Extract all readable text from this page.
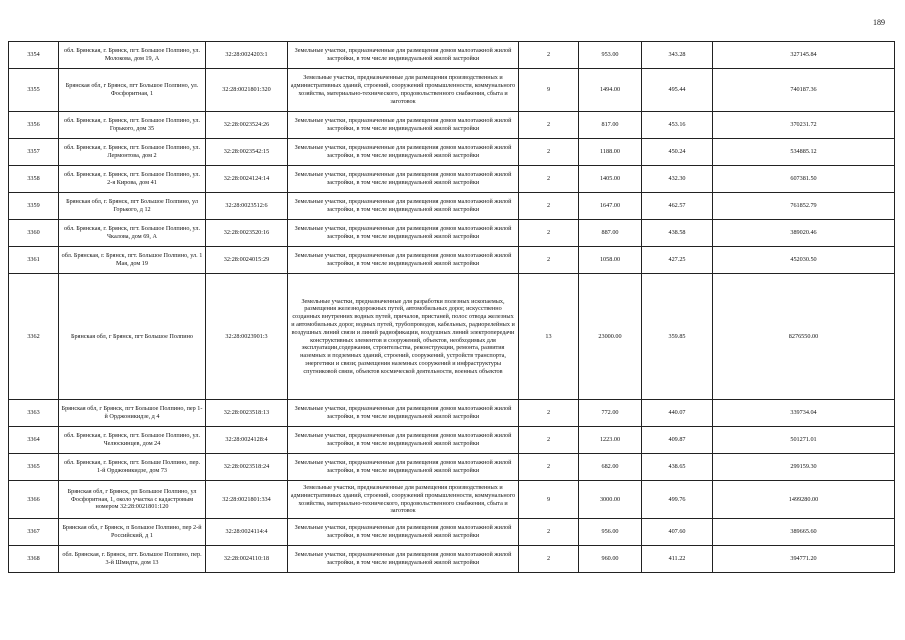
189
3354	обл. Брянская, г. Брянск, пгт. Большое Полпино, ул. Молокова, дом 19, А	32:28:0024203:1	Земельные участки, предназначенные для размещения домов малоэтажной жилой застройки, в том числе индивидуальной жилой застройки	2	953.00	343.28	327145.84
3355	Брянская обл, г Брянск, пгт Большое Полпино, ул. Фосфоритная, 1	32:28:0021801:320	Земельные участки, предназначенные для размещения производственных и административных зданий, строений, сооружений промышленности, коммунального хозяйства, материально-технического, продовольственного снабжения, сбыта и заготовок	9	1494.00	495.44	740187.36
3356	обл. Брянская, г. Брянск, пгт. Большое Полпино, ул. Горького, дом 35	32:28:0023524:26	Земельные участки, предназначенные для размещения домов малоэтажной жилой застройки, в том числе индивидуальной жилой застройки	2	817.00	453.16	370231.72
3357	обл. Брянская, г. Брянск, пгт. Большое Полпино, ул. Лермонтова, дом 2	32:28:0023542:15	Земельные участки, предназначенные для размещения домов малоэтажной жилой застройки, в том числе индивидуальной жилой застройки	2	1188.00	450.24	534885.12
3358	обл. Брянская, г. Брянск, пгт. Большое Полпино, ул. 2-я Кирова, дом 41	32:28:0024124:14	Земельные участки, предназначенные для размещения домов малоэтажной жилой застройки, в том числе индивидуальной жилой застройки	2	1405.00	432.30	607381.50
3359	Брянская обл, г. Брянск, пгт Большое Полпино, ул Горького, д 12	32:28:0023512:6	Земельные участки, предназначенные для размещения домов малоэтажной жилой застройки, в том числе индивидуальной жилой застройки	2	1647.00	462.57	761852.79
3360	обл. Брянская, г. Брянск, пгт. Большое Полпино, ул. Чкалова, дом 69, А	32:28:0023520:16	Земельные участки, предназначенные для размещения домов малоэтажной жилой застройки, в том числе индивидуальной жилой застройки	2	887.00	438.58	389020.46
3361	обл. Брянская, г. Брянск, пгт. Большое Полпино, ул. 1 Мая, дом 19	32:28:0024015:29	Земельные участки, предназначенные для размещения домов малоэтажной жилой застройки, в том числе индивидуальной жилой застройки	2	1058.00	427.25	452030.50
3362	Брянская обл, г Брянск, пгт Большое Полпино	32:28:0023901:3	Земельные участки, предназначенные для разработки полезных ископаемых, размещения железнодорожных путей, автомобильных дорог, искусственно созданных внутренних водных путей, причалов, пристаней, полос отвода железных и автомобильных дорог, водных путей, трубопроводов, кабельных, радиорелейных и воздушных линий связи и линий радиофикации, воздушных линий электропередачи конструктивных элементов и сооружений, объектов, необходимых для эксплуатации,содержания, строительства, реконструкции, ремонта, развития наземных и подземных зданий, строений, сооружений, устройств транспорта, энергетики и связи; размещения наземных сооружений и инфраструктуры спутниковой связи, объектов космической деятельности, военных объектов	13	23000.00	359.85	8276550.00
3363	Брянская обл, г Брянск, пгт Большое Полпино, пер 1-й Орджоникидзе, д 4	32:28:0023518:13	Земельные участки, предназначенные для размещения домов малоэтажной жилой застройки, в том числе индивидуальной жилой застройки	2	772.00	440.07	339734.04
3364	обл. Брянская, г. Брянск, пгт. Большое Полпино, ул. Челюскинцев, дом 24	32:28:0024128:4	Земельные участки, предназначенные для размещения домов малоэтажной жилой застройки, в том числе индивидуальной жилой застройки	2	1223.00	409.87	501271.01
3365	обл. Брянская, г. Брянск, пгт. Больше Полпино, пер. 1-й Орджоникидзе, дом 73	32:28:0023518:24	Земельные участки, предназначенные для размещения домов малоэтажной жилой застройки, в том числе индивидуальной жилой застройки	2	682.00	438.65	299159.30
3366	Брянская обл, г Брянск, рп Большое Полпино, ул Фосфоритная, 1, около участка с кадастровым номером 32:28:0021801:120	32:28:0021801:334	Земельные участки, предназначенные для размещения производственных и административных зданий, строений, сооружений промышленности, коммунального хозяйства, материально-технического, продовольственного снабжения, сбыта и заготовок	9	3000.00	499.76	1499280.00
3367	Брянская обл, г Брянск, п Большое Полпино, пер 2-й Российский, д 1	32:28:0024114:4	Земельные участки, предназначенные для размещения домов малоэтажной жилой застройки, в том числе индивидуальной жилой застройки	2	956.00	407.60	389665.60
3368	обл. Брянская, г. Брянск, пгт. Большое Полпино, пер. 3-й Шмидта, дом 13	32:28:0024110:18	Земельные участки, предназначенные для размещения домов малоэтажной жилой застройки, в том числе индивидуальной жилой застройки	2	960.00	411.22	394771.20
